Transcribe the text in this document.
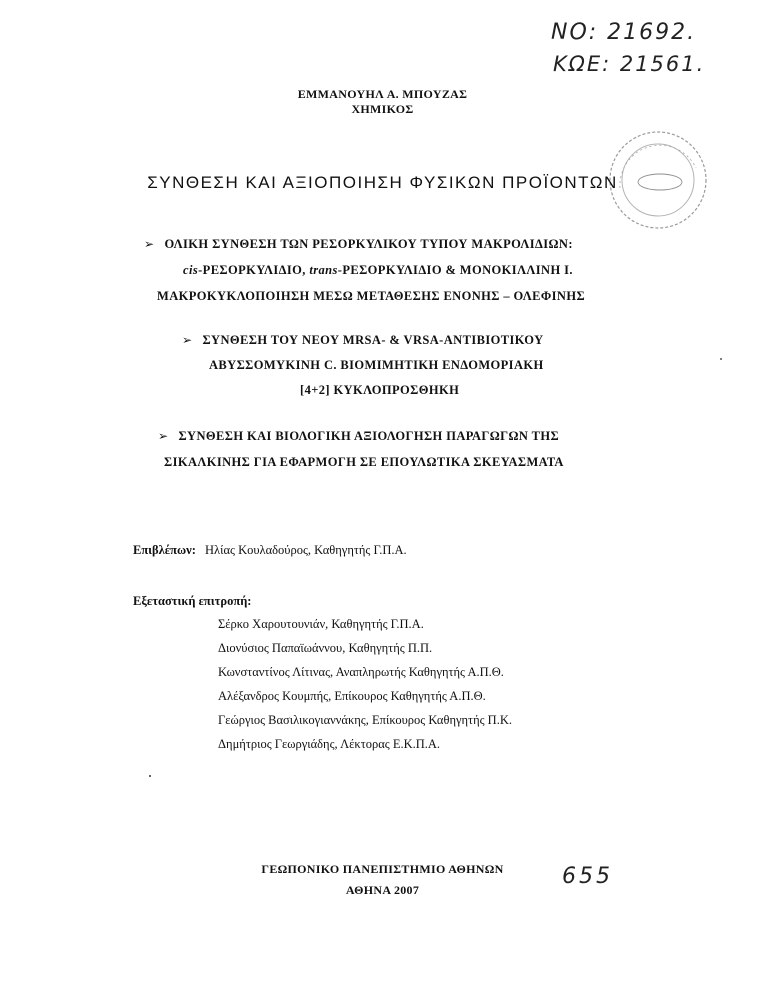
ΝΟ: 21692.
ΚΩΕ: 21561.
655
ΕΜΜΑΝΟΥΗΛ Α. ΜΠΟΥΖΑΣ
ΧΗΜΙΚΟΣ
ΣΥΝΘΕΣΗ ΚΑΙ ΑΞΙΟΠΟΙΗΣΗ ΦΥΣΙΚΩΝ ΠΡΟΪΟΝΤΩΝ
➢ ΟΛΙΚΗ ΣΥΝΘΕΣΗ ΤΩΝ ΡΕΣΟΡΚΥΛΙΚΟΥ ΤΥΠΟΥ ΜΑΚΡΟΛΙΔΙΩΝ:
cis-ΡΕΣΟΡΚΥΛΙΔΙΟ, trans-ΡΕΣΟΡΚΥΛΙΔΙΟ & ΜΟΝΟΚΙΛΛΙΝΗ Ι.
ΜΑΚΡΟΚΥΚΛΟΠΟΙΗΣΗ ΜΕΣΩ ΜΕΤΑΘΕΣΗΣ ΕΝΟΝΗΣ – ΟΛΕΦΙΝΗΣ
➢ ΣΥΝΘΕΣΗ ΤΟΥ ΝΕΟΥ MRSA- & VRSA-ΑΝΤΙΒΙΟΤΙΚΟΥ
ΑΒΥΣΣΟΜΥΚΙΝΗ C. ΒΙΟΜΙΜΗΤΙΚΗ ΕΝΔΟΜΟΡΙΑΚΗ
[4+2] ΚΥΚΛΟΠΡΟΣΘΗΚΗ
➢ ΣΥΝΘΕΣΗ ΚΑΙ ΒΙΟΛΟΓΙΚΗ ΑΞΙΟΛΟΓΗΣΗ ΠΑΡΑΓΩΓΩΝ ΤΗΣ
ΣΙΚΑΛΚΙΝΗΣ ΓΙΑ ΕΦΑΡΜΟΓΗ ΣΕ ΕΠΟΥΛΩΤΙΚΑ ΣΚΕΥΑΣΜΑΤΑ
Επιβλέπων: Ηλίας Κουλαδούρος, Καθηγητής Γ.Π.Α.
Εξεταστική επιτροπή:
Σέρκο Χαρουτουνιάν, Καθηγητής Γ.Π.Α.
Διονύσιος Παπαϊωάννου, Καθηγητής Π.Π.
Κωνσταντίνος Λίτινας, Αναπληρωτής Καθηγητής Α.Π.Θ.
Αλέξανδρος Κουμπής, Επίκουρος Καθηγητής Α.Π.Θ.
Γεώργιος Βασιλικογιαννάκης, Επίκουρος Καθηγητής Π.Κ.
Δημήτριος Γεωργιάδης, Λέκτορας Ε.Κ.Π.Α.
ΓΕΩΠΟΝΙΚΟ ΠΑΝΕΠΙΣΤΗΜΙΟ ΑΘΗΝΩΝ
ΑΘΗΝΑ 2007
